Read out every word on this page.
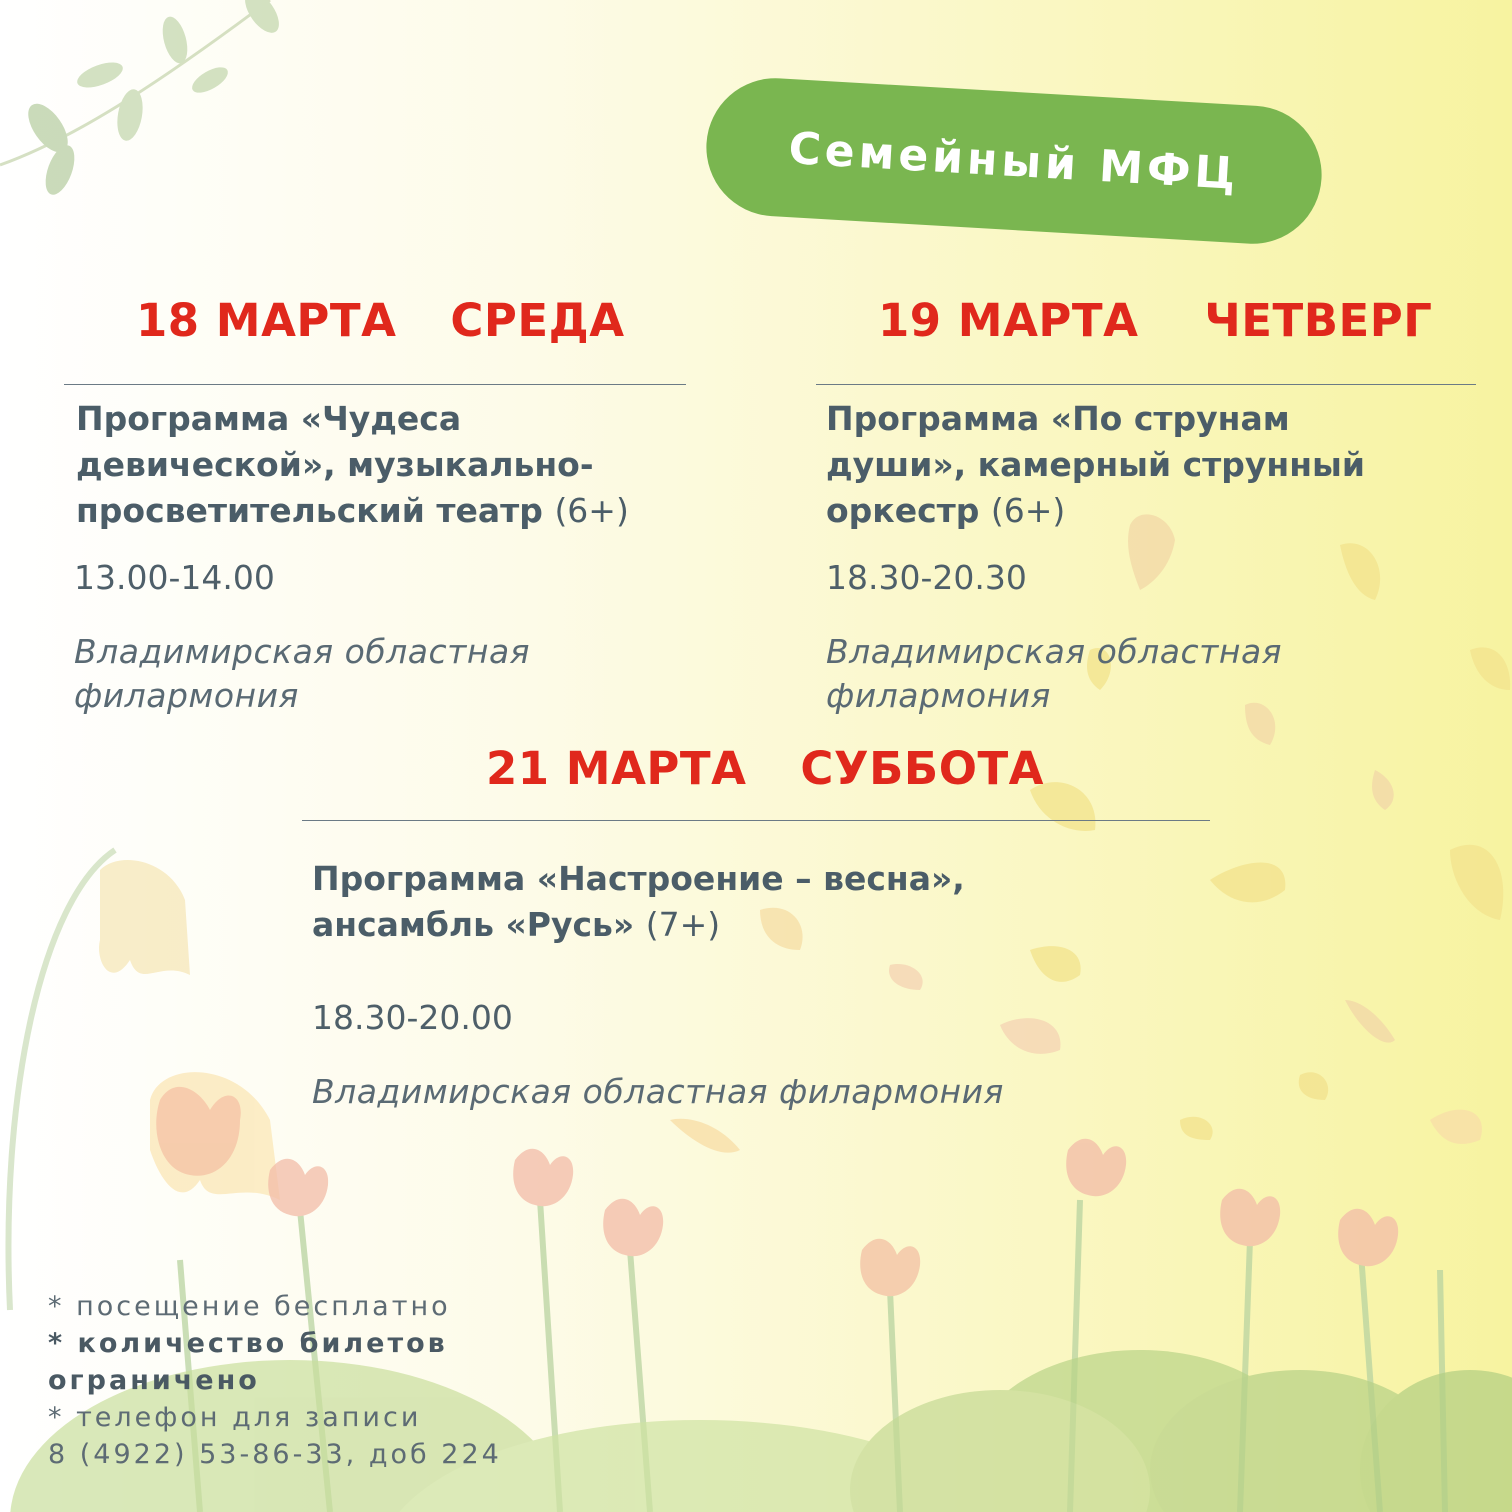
Семейный МФЦ
18 МАРТА СРЕДА
Программа «Чудеса
девической», музыкально-
просветительский театр (6+)
13.00-14.00
Владимирская областная
филармония
19 МАРТА ЧЕТВЕРГ
Программа «По струнам
души», камерный струнный
оркестр (6+)
18.30-20.30
Владимирская областная
филармония
21 МАРТА СУББОТА
Программа «Настроение – весна»,
ансамбль «Русь» (7+)
18.30-20.00
Владимирская областная филармония
* посещение бесплатно
* количество билетов
ограничено
* телефон для записи
8 (4922) 53-86-33, доб 224
